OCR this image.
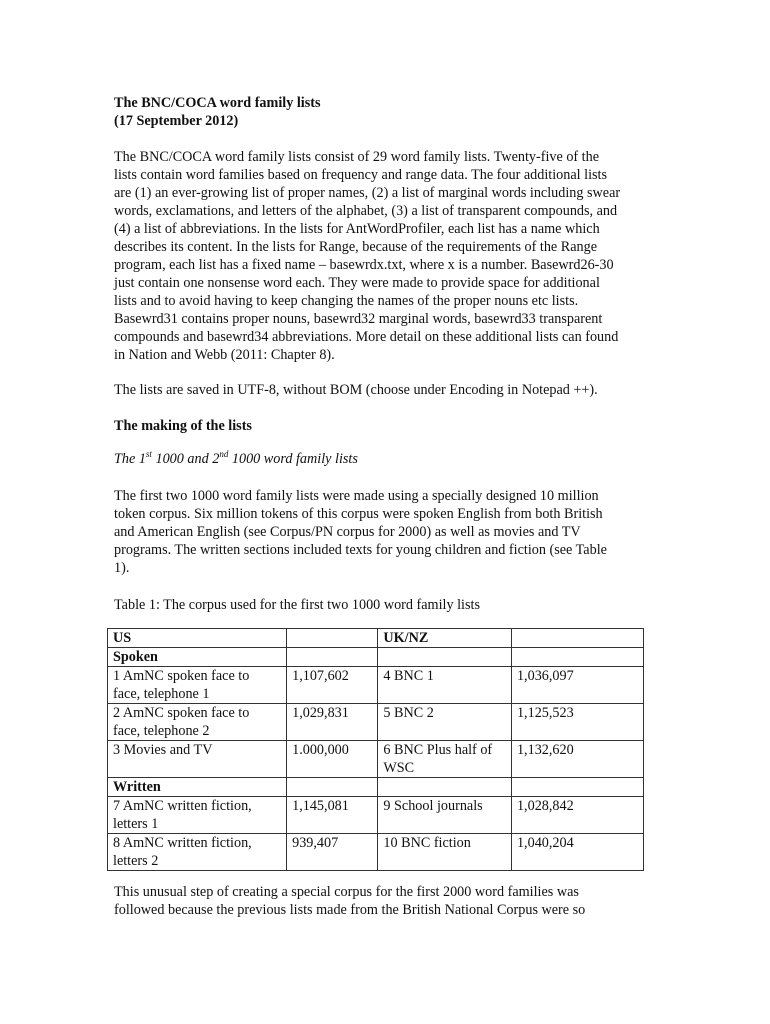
The BNC/COCA word family lists
(17 September 2012)
The BNC/COCA word family lists consist of 29 word family lists. Twenty-five of the
lists contain word families based on frequency and range data. The four additional lists
are (1) an ever-growing list of proper names, (2) a list of marginal words including swear
words, exclamations, and letters of the alphabet, (3) a list of transparent compounds, and
(4) a list of abbreviations. In the lists for AntWordProfiler, each list has a name which
describes its content. In the lists for Range, because of the requirements of the Range
program, each list has a fixed name – basewrdx.txt, where x is a number. Basewrd26-30
just contain one nonsense word each. They were made to provide space for additional
lists and to avoid having to keep changing the names of the proper nouns etc lists.
Basewrd31 contains proper nouns, basewrd32 marginal words, basewrd33 transparent
compounds and basewrd34 abbreviations. More detail on these additional lists can found
in Nation and Webb (2011: Chapter 8).
The lists are saved in UTF-8, without BOM (choose under Encoding in Notepad ++).
The making of the lists
The 1st 1000 and 2nd 1000 word family lists
The first two 1000 word family lists were made using a specially designed 10 million
token corpus. Six million tokens of this corpus were spoken English from both British
and American English (see Corpus/PN corpus for 2000) as well as movies and TV
programs. The written sections included texts for young children and fiction (see Table
1).
Table 1: The corpus used for the first two 1000 word family lists
US		UK/NZ	
Spoken			

1 AmNC spoken face to
face, telephone 1	1,107,602	4 BNC 1	1,036,097

2 AmNC spoken face to
face, telephone 2	1,029,831	5 BNC 2	1,125,523

3 Movies and TV	1.000,000	6 BNC Plus half of
WSC	1,132,620
Written			

7 AmNC written fiction,
letters 1	1,145,081	9 School journals	1,028,842

8 AmNC written fiction,
letters 2	939,407	10 BNC fiction	1,040,204
This unusual step of creating a special corpus for the first 2000 word families was
followed because the previous lists made from the British National Corpus were so
